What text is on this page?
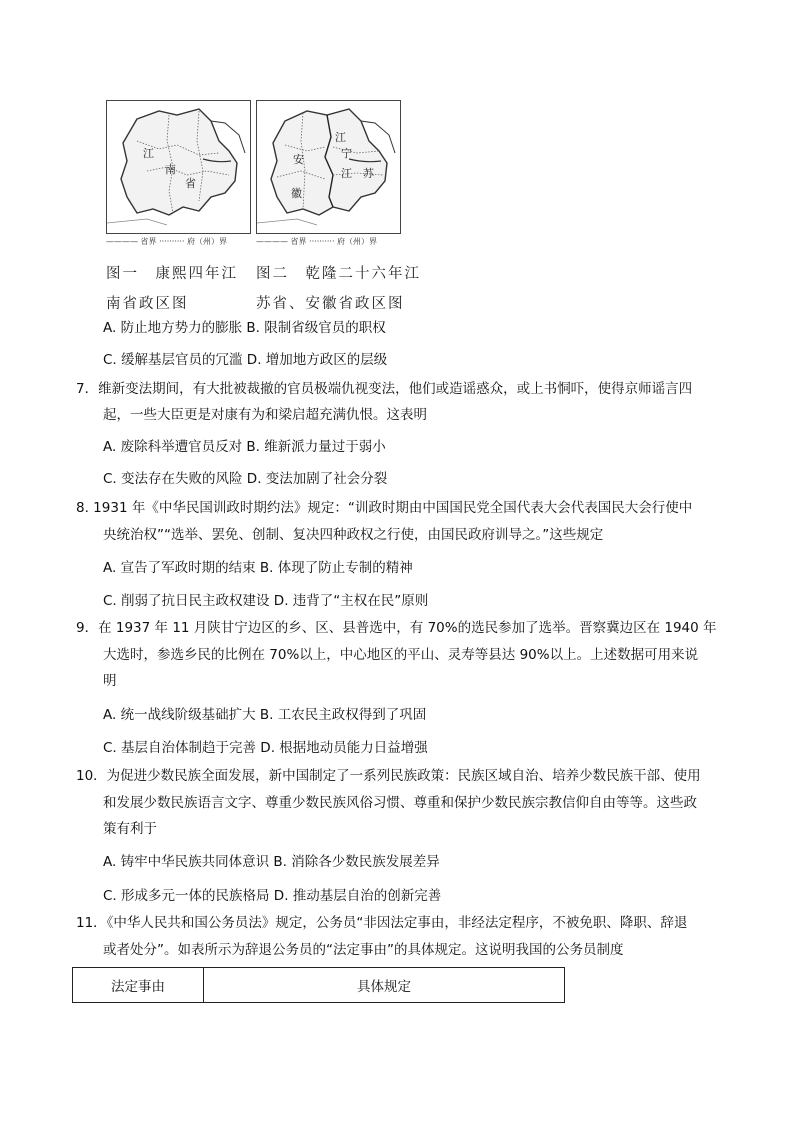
江
南
省
———— 省界 ·········· 府（州）界
图一　康熙四年江
南省政区图
江
安	宁
江 苏
徽
———— 省界 ·········· 府（州）界
图二　乾隆二十六年江
苏省、安徽省政区图
A. 防止地方势力的膨胀 B. 限制省级官员的职权
C. 缓解基层官员的冗滥 D. 增加地方政区的层级
7．维新变法期间，有大批被裁撤的官员极端仇视变法，他们或造谣惑众，或上书恫吓，使得京师谣言四
起，一些大臣更是对康有为和梁启超充满仇恨。这表明
A. 废除科举遭官员反对 B. 维新派力量过于弱小
C. 变法存在失败的风险 D. 变法加剧了社会分裂
8. 1931 年《中华民国训政时期约法》规定：“训政时期由中国国民党全国代表大会代表国民大会行使中
央统治权”“选举、罢免、创制、复决四种政权之行使，由国民政府训导之。”这些规定
A. 宣告了军政时期的结束 B. 体现了防止专制的精神
C. 削弱了抗日民主政权建设 D. 违背了“主权在民”原则
9．在 1937 年 11 月陕甘宁边区的乡、区、县普选中，有 70%的选民参加了选举。晋察冀边区在 1940 年
大选时，参选乡民的比例在 70%以上，中心地区的平山、灵寿等县达 90%以上。上述数据可用来说
明
A. 统一战线阶级基础扩大 B. 工农民主政权得到了巩固
C. 基层自治体制趋于完善 D. 根据地动员能力日益增强
10．为促进少数民族全面发展，新中国制定了一系列民族政策：民族区域自治、培养少数民族干部、使用
和发展少数民族语言文字、尊重少数民族风俗习惯、尊重和保护少数民族宗教信仰自由等等。这些政
策有利于
A. 铸牢中华民族共同体意识 B. 消除各少数民族发展差异
C. 形成多元一体的民族格局 D. 推动基层自治的创新完善
11．《中华人民共和国公务员法》规定，公务员“非因法定事由，非经法定程序，不被免职、降职、辞退
或者处分”。如表所示为辞退公务员的“法定事由”的具体规定。这说明我国的公务员制度
法定事由	具体规定
